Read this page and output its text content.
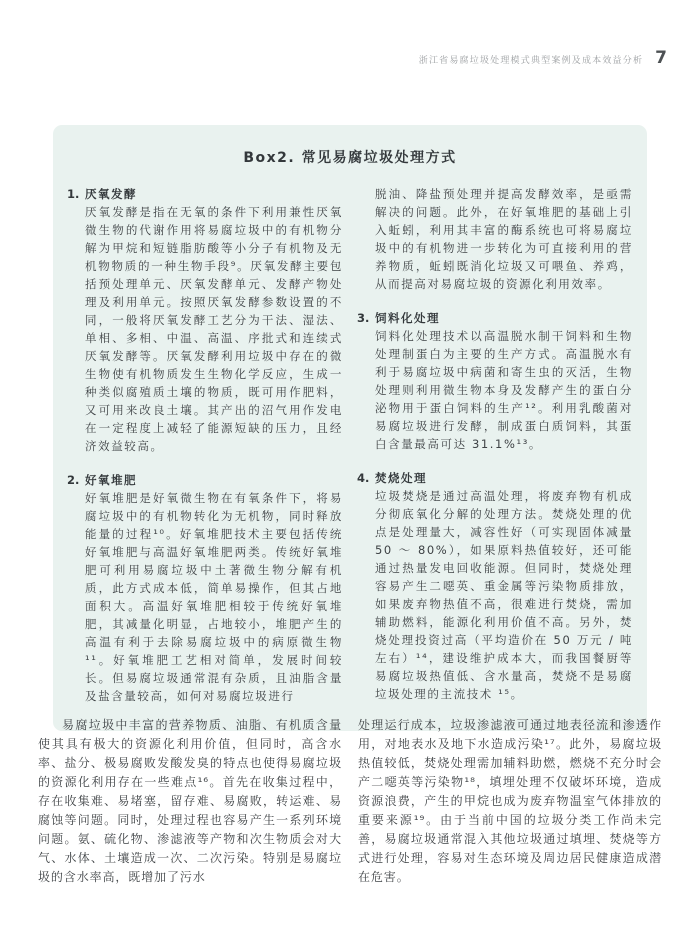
浙江省易腐垃圾处理模式典型案例及成本效益分析 7
Box2. 常见易腐垃圾处理方式
1. 厌氧发酵
厌氧发酵是指在无氧的条件下利用兼性厌氧微生物的代谢作用将易腐垃圾中的有机物分解为甲烷和短链脂肪酸等小分子有机物及无机物物质的一种生物手段⁹。厌氧发酵主要包括预处理单元、厌氧发酵单元、发酵产物处理及利用单元。按照厌氧发酵参数设置的不同，一般将厌氧发酵工艺分为干法、湿法、单相、多相、中温、高温、序批式和连续式厌氧发酵等。厌氧发酵利用垃圾中存在的微生物使有机物质发生生物化学反应，生成一种类似腐殖质土壤的物质，既可用作肥料，又可用来改良土壤。其产出的沼气用作发电在一定程度上减轻了能源短缺的压力，且经济效益较高。
2. 好氧堆肥
好氧堆肥是好氧微生物在有氧条件下，将易腐垃圾中的有机物转化为无机物，同时释放能量的过程¹⁰。好氧堆肥技术主要包括传统好氧堆肥与高温好氧堆肥两类。传统好氧堆肥可利用易腐垃圾中土著微生物分解有机质，此方式成本低，简单易操作，但其占地面积大。高温好氧堆肥相较于传统好氧堆肥，其减量化明显，占地较小，堆肥产生的高温有利于去除易腐垃圾中的病原微生物¹¹。好氧堆肥工艺相对简单，发展时间较长。但易腐垃圾通常混有杂质，且油脂含量及盐含量较高，如何对易腐垃圾进行
脱油、降盐预处理并提高发酵效率，是亟需解决的问题。此外，在好氧堆肥的基础上引入蚯蚓，利用其丰富的酶系统也可将易腐垃圾中的有机物进一步转化为可直接利用的营养物质，蚯蚓既消化垃圾又可喂鱼、养鸡，从而提高对易腐垃圾的资源化利用效率。
3. 饲料化处理
饲料化处理技术以高温脱水制干饲料和生物处理制蛋白为主要的生产方式。高温脱水有利于易腐垃圾中病菌和寄生虫的灭活，生物处理则利用微生物本身及发酵产生的蛋白分泌物用于蛋白饲料的生产¹²。利用乳酸菌对易腐垃圾进行发酵，制成蛋白质饲料，其蛋白含量最高可达 31.1%¹³。
4. 焚烧处理
垃圾焚烧是通过高温处理，将废弃物有机成分彻底氧化分解的处理方法。焚烧处理的优点是处理量大，减容性好（可实现固体减量 50 ～ 80%），如果原料热值较好，还可能通过热量发电回收能源。但同时，焚烧处理容易产生二噁英、重金属等污染物质排放，如果废弃物热值不高，很难进行焚烧，需加辅助燃料，能源化利用价值不高。另外，焚烧处理投资过高（平均造价在 50 万元 / 吨左右）¹⁴，建设维护成本大，而我国餐厨等易腐垃圾热值低、含水量高，焚烧不是易腐垃圾处理的主流技术 ¹⁵。

易腐垃圾中丰富的营养物质、油脂、有机质含量使其具有极大的资源化利用价值，但同时，高含水率、盐分、极易腐败发酸发臭的特点也使得易腐垃圾的资源化利用存在一些难点¹⁶。首先在收集过程中，存在收集难、易堵塞，留存难、易腐败，转运难、易腐蚀等问题。同时，处理过程也容易产生一系列环境问题。氨、硫化物、渗滤液等产物和次生物质会对大气、水体、土壤造成一次、二次污染。特别是易腐垃圾的含水率高，既增加了污水

处理运行成本，垃圾渗滤液可通过地表径流和渗透作用，对地表水及地下水造成污染¹⁷。此外，易腐垃圾热值较低，焚烧处理需加辅料助燃，燃烧不充分时会产二噁英等污染物¹⁸，填埋处理不仅破坏环境，造成资源浪费，产生的甲烷也成为废弃物温室气体排放的重要来源¹⁹。由于当前中国的垃圾分类工作尚未完善，易腐垃圾通常混入其他垃圾通过填埋、焚烧等方式进行处理，容易对生态环境及周边居民健康造成潜在危害。
